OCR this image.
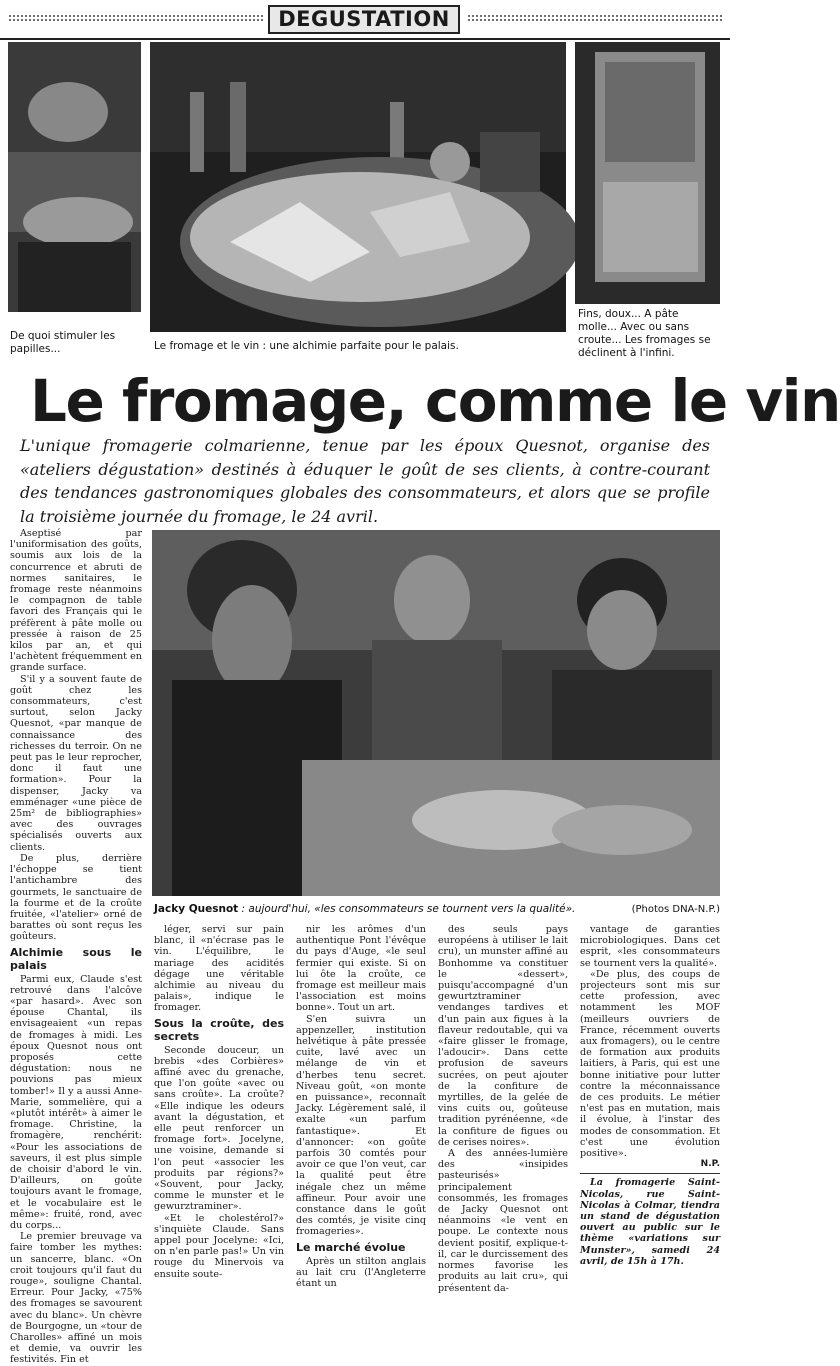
DEGUSTATION
De quoi stimuler les papilles...	Le fromage et le vin : une alchimie parfaite pour le palais.
Fins, doux... A pâte molle... Avec ou sans croute... Les fromages se déclinent à l'infini.
Le fromage, comme le vin
L'unique fromagerie colmarienne, tenue par les époux Quesnot, organise des «ateliers dégustation» destinés à éduquer le goût de ses clients, à contre-courant des tendances gastronomiques globales des consommateurs, et alors que se profile la troisième journée du fromage, le 24 avril.

Aseptisé par l'uniformisation des goûts, soumis aux lois de la concurrence et abruti de normes sanitaires, le fromage reste néanmoins le compagnon de table favori des Français qui le préfèrent à pâte molle ou pressée à raison de 25 kilos par an, et qui l'achètent fréquemment en grande surface.

S'il y a souvent faute de goût chez les consommateurs, c'est surtout, selon Jacky Quesnot, «par manque de connaissance des richesses du terroir. On ne peut pas le leur reprocher, donc il faut une formation». Pour la dispenser, Jacky va emménager «une pièce de 25m² de bibliographies» avec des ouvrages spécialisés ouverts aux clients.

De plus, derrière l'échoppe se tient l'antichambre des gourmets, le sanctuaire de la fourme et de la croûte fruitée, «l'atelier» orné de barattes où sont reçus les goûteurs.

Alchimie sous le palais

Parmi eux, Claude s'est retrouvé dans l'alcôve «par hasard». Avec son épouse Chantal, ils envisageaient «un repas de fromages à midi. Les époux Quesnot nous ont proposés cette dégustation: nous ne pouvions pas mieux tomber!» Il y a aussi Anne-Marie, sommelière, qui a «plutôt intérêt» à aimer le fromage. Christine, la fromagère, renchérit: «Pour les associations de saveurs, il est plus simple de choisir d'abord le vin. D'ailleurs, on goûte toujours avant le fromage, et le vocabulaire est le même»: fruité, rond, avec du corps...

Le premier breuvage va faire tomber les mythes: un sancerre, blanc. «On croit toujours qu'il faut du rouge», souligne Chantal. Erreur. Pour Jacky, «75% des fromages se savourent avec du blanc». Un chèvre de Bourgogne, un «tour de Charolles» affiné un mois et demie, va ouvrir les festivités. Fin et

Jacky Quesnot : aujourd'hui, «les consommateurs se tournent vers la qualité».	(Photos DNA-N.P.)

léger, servi sur pain blanc, il «n'écrase pas le vin. L'équilibre, le mariage des acidités dégage une véritable alchimie au niveau du palais», indique le fromager.

Sous la croûte, des secrets

Seconde douceur, un brebis «des Corbières» affiné avec du grenache, que l'on goûte «avec ou sans croûte». La croûte? «Elle indique les odeurs avant la dégustation, et elle peut renforcer un fromage fort». Jocelyne, une voisine, demande si l'on peut «associer les produits par régions?» «Souvent, pour Jacky, comme le munster et le gewurztraminer».

«Et le cholestérol?» s'inquiète Claude. Sans appel pour Jocelyne: «Ici, on n'en parle pas!» Un vin rouge du Minervois va ensuite soute-

nir les arômes d'un authentique Pont l'évêque du pays d'Auge, «le seul fermier qui existe. Si on lui ôte la croûte, ce fromage est meilleur mais l'association est moins bonne». Tout un art.

S'en suivra un appenzeller, institution helvétique à pâte pressée cuite, lavé avec un mélange de vin et d'herbes tenu secret. Niveau goût, «on monte en puissance», reconnaît Jacky. Légèrement salé, il exalte «un parfum fantastique». Et d'annoncer: «on goûte parfois 30 comtés pour avoir ce que l'on veut, car la qualité peut être inégale chez un même affineur. Pour avoir une constance dans le goût des comtés, je visite cinq fromageries».

Le marché évolue

Après un stilton anglais au lait cru (l'Angleterre étant un

des seuls pays européens à utiliser le lait cru), un munster affiné au Bonhomme va constituer le «dessert», puisqu'accompagné d'un gewurtztraminer vendanges tardives et d'un pain aux figues à la flaveur redoutable, qui va «faire glisser le fromage, l'adoucir». Dans cette profusion de saveurs sucrées, on peut ajouter de la confiture de myrtilles, de la gelée de vins cuits ou, goûteuse tradition pyrénéenne, «de la confiture de figues ou de cerises noires».

A des années-lumière des «insipides pasteurisés» principalement consommés, les fromages de Jacky Quesnot ont néanmoins «le vent en poupe. Le contexte nous devient positif, explique-t-il, car le durcissement des normes favorise les produits au lait cru», qui présentent da-

vantage de garanties microbiologiques. Dans cet esprit, «les consommateurs se tournent vers la qualité».

«De plus, des coups de projecteurs sont mis sur cette profession, avec notamment les MOF (meilleurs ouvriers de France, récemment ouverts aux fromagers), ou le centre de formation aux produits laitiers, à Paris, qui est une bonne initiative pour lutter contre la méconnaissance de ces produits. Le métier n'est pas en mutation, mais il évolue, à l'instar des modes de consommation. Et c'est une évolution positive».

N.P.

La fromagerie Saint-Nicolas, rue Saint-Nicolas à Colmar, tiendra un stand de dégustation ouvert au public sur le thème «variations sur Munster», samedi 24 avril, de 15h à 17h.
